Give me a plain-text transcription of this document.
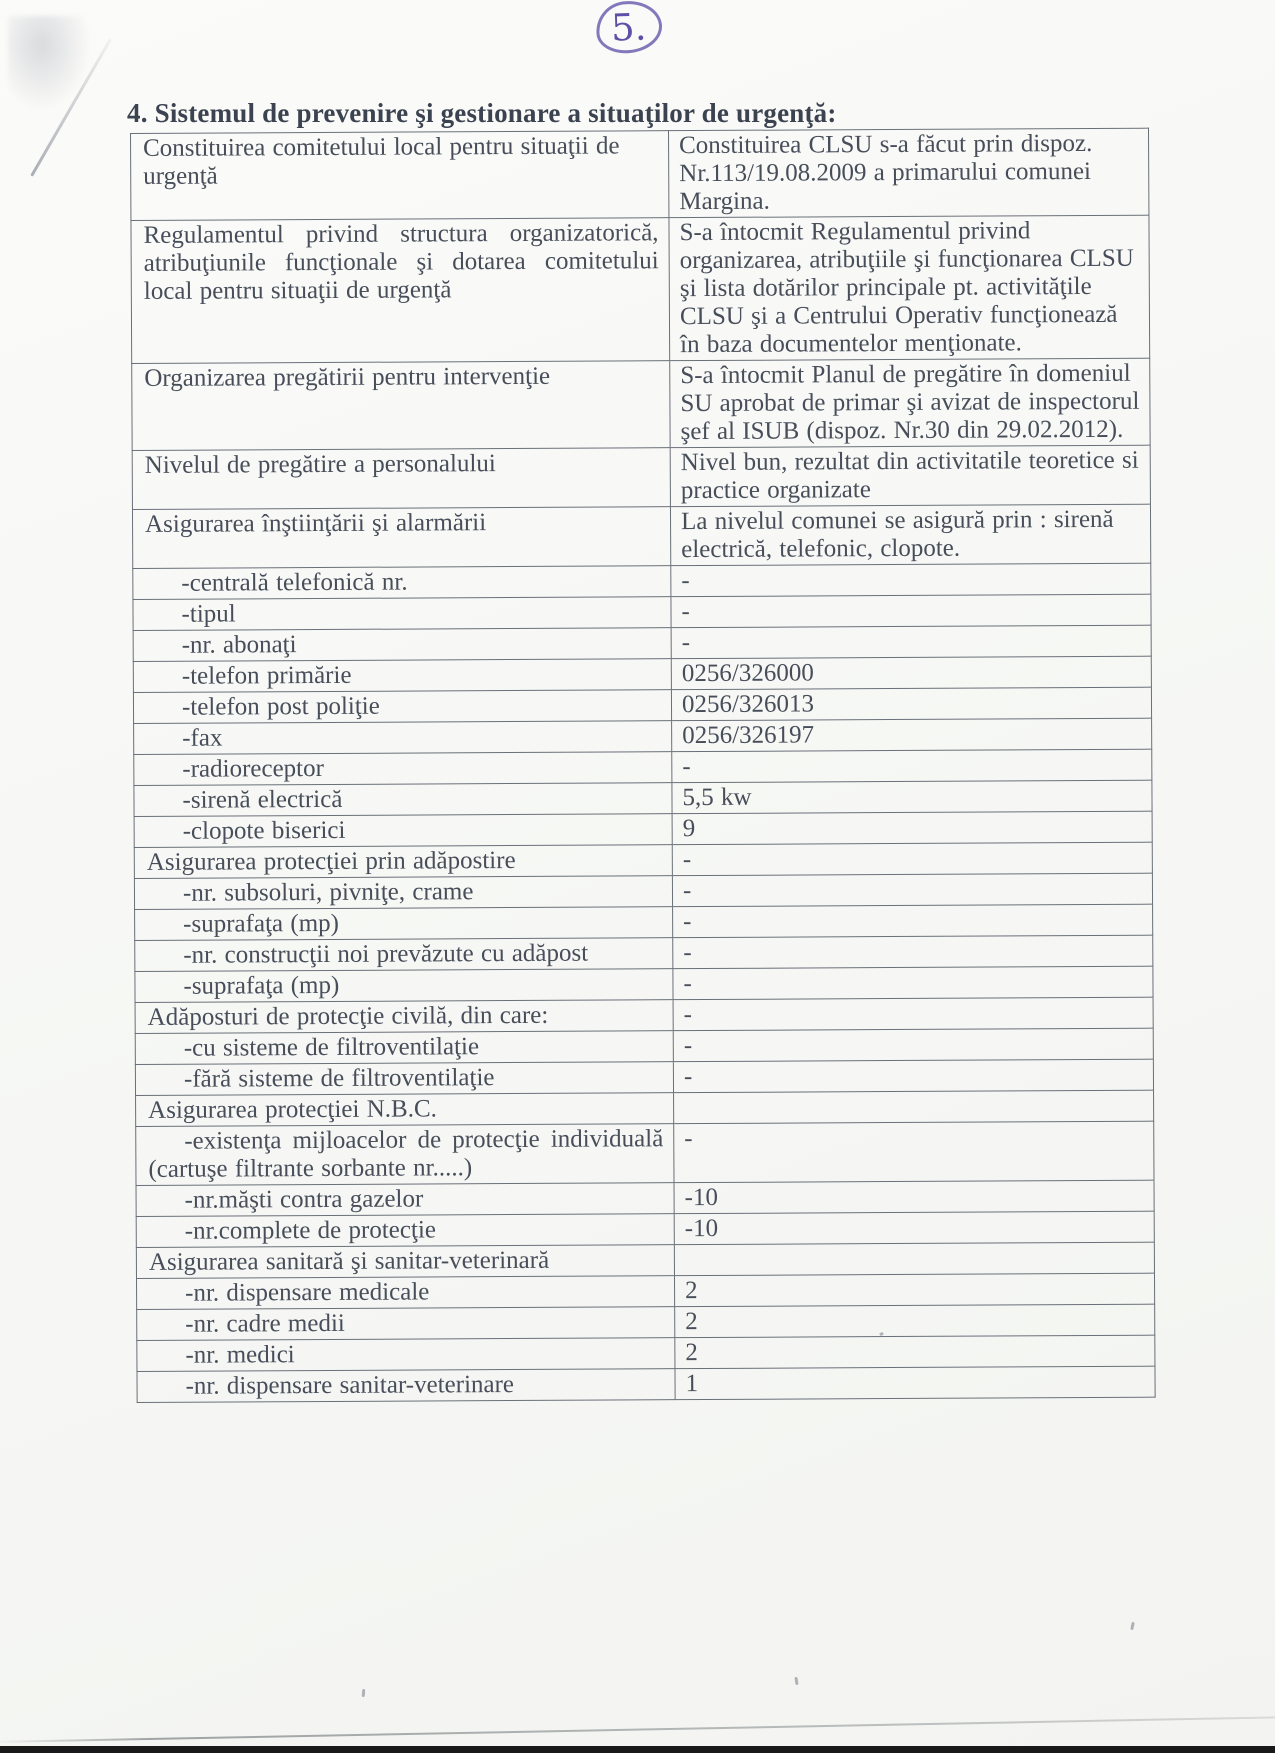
5.
4. Sistemul de prevenire şi gestionare a situaţilor de urgenţă:
Constituirea comitetului local pentru situaţii de urgenţă	Constituirea CLSU s-a făcut prin dispoz. Nr.113/19.08.2009 a primarului comunei Margina.
Regulamentul privind structura organizatorică, atribuţiunile funcţionale şi dotarea comitetului local pentru situaţii de urgenţă	S-a întocmit Regulamentul privind organizarea, atribuţiile şi funcţionarea CLSU şi lista dotărilor principale pt. activităţile CLSU şi a Centrului Operativ funcţionează în baza documentelor menţionate.
Organizarea pregătirii pentru intervenţie	S-a întocmit Planul de pregătire în domeniul SU aprobat de primar şi avizat de inspectorul şef al ISUB (dispoz. Nr.30 din 29.02.2012).
Nivelul de pregătire a personalului	Nivel bun, rezultat din activitatile teoretice si practice organizate
Asigurarea înştiinţării şi alarmării	La nivelul comunei se asigură prin : sirenă electrică, telefonic, clopote.
-centrală telefonică nr.	-
-tipul	-
-nr. abonaţi	-
-telefon primărie	0256/326000
-telefon post poliţie	0256/326013
-fax	0256/326197
-radioreceptor	-
-sirenă electrică	5,5 kw
-clopote biserici	9
Asigurarea protecţiei prin adăpostire	-
-nr. subsoluri, pivniţe, crame	-
-suprafaţa (mp)	-
-nr. construcţii noi prevăzute cu adăpost	-
-suprafaţa (mp)	-
Adăposturi de protecţie civilă, din care:	-
-cu sisteme de filtroventilaţie	-
-fără sisteme de filtroventilaţie	-
Asigurarea protecţiei N.B.C.	
-existenţa mijloacelor de protecţie individuală (cartuşe filtrante sorbante nr.....)	-
-nr.măşti contra gazelor	-10
-nr.complete de protecţie	-10
Asigurarea sanitară şi sanitar-veterinară	
-nr. dispensare medicale	2
-nr. cadre medii	2
-nr. medici	2
-nr. dispensare sanitar-veterinare	1
